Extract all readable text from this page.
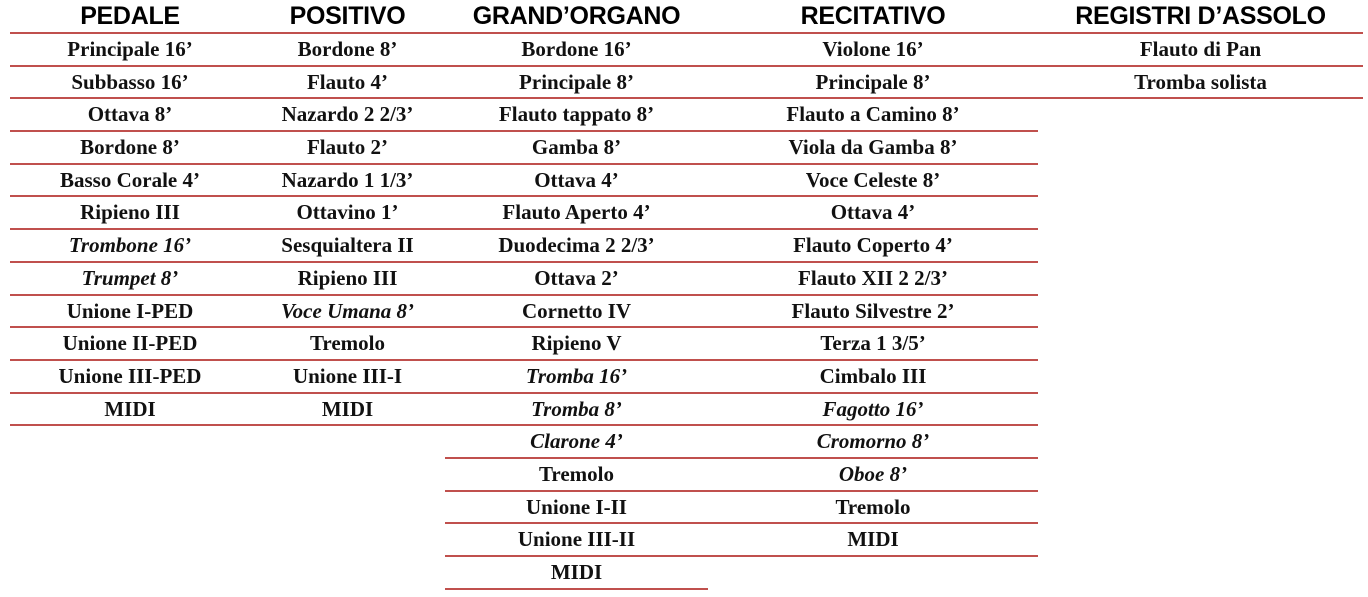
PEDALE
Principale 16’
Subbasso 16’
Ottava 8’
Bordone 8’
Basso Corale 4’
Ripieno III
Trombone 16’
Trumpet 8’
Unione I-PED
Unione II-PED
Unione III-PED
MIDI
POSITIVO
Bordone 8’
Flauto 4’
Nazardo 2 2/3’
Flauto 2’
Nazardo 1 1/3’
Ottavino 1’
Sesquialtera II
Ripieno III
Voce Umana 8’
Tremolo
Unione III-I
MIDI
GRAND’ORGANO
Bordone 16’
Principale 8’
Flauto tappato 8’
Gamba 8’
Ottava 4’
Flauto Aperto 4’
Duodecima 2 2/3’
Ottava 2’
Cornetto IV
Ripieno V
Tromba 16’
Tromba 8’
Clarone 4’
Tremolo
Unione I-II
Unione III-II
MIDI
RECITATIVO
Violone 16’
Principale 8’
Flauto a Camino 8’
Viola da Gamba 8’
Voce Celeste 8’
Ottava 4’
Flauto Coperto 4’
Flauto XII 2 2/3’
Flauto Silvestre 2’
Terza 1 3/5’
Cimbalo III
Fagotto 16’
Cromorno 8’
Oboe 8’
Tremolo
MIDI
REGISTRI D’ASSOLO
Flauto di Pan
Tromba solista
